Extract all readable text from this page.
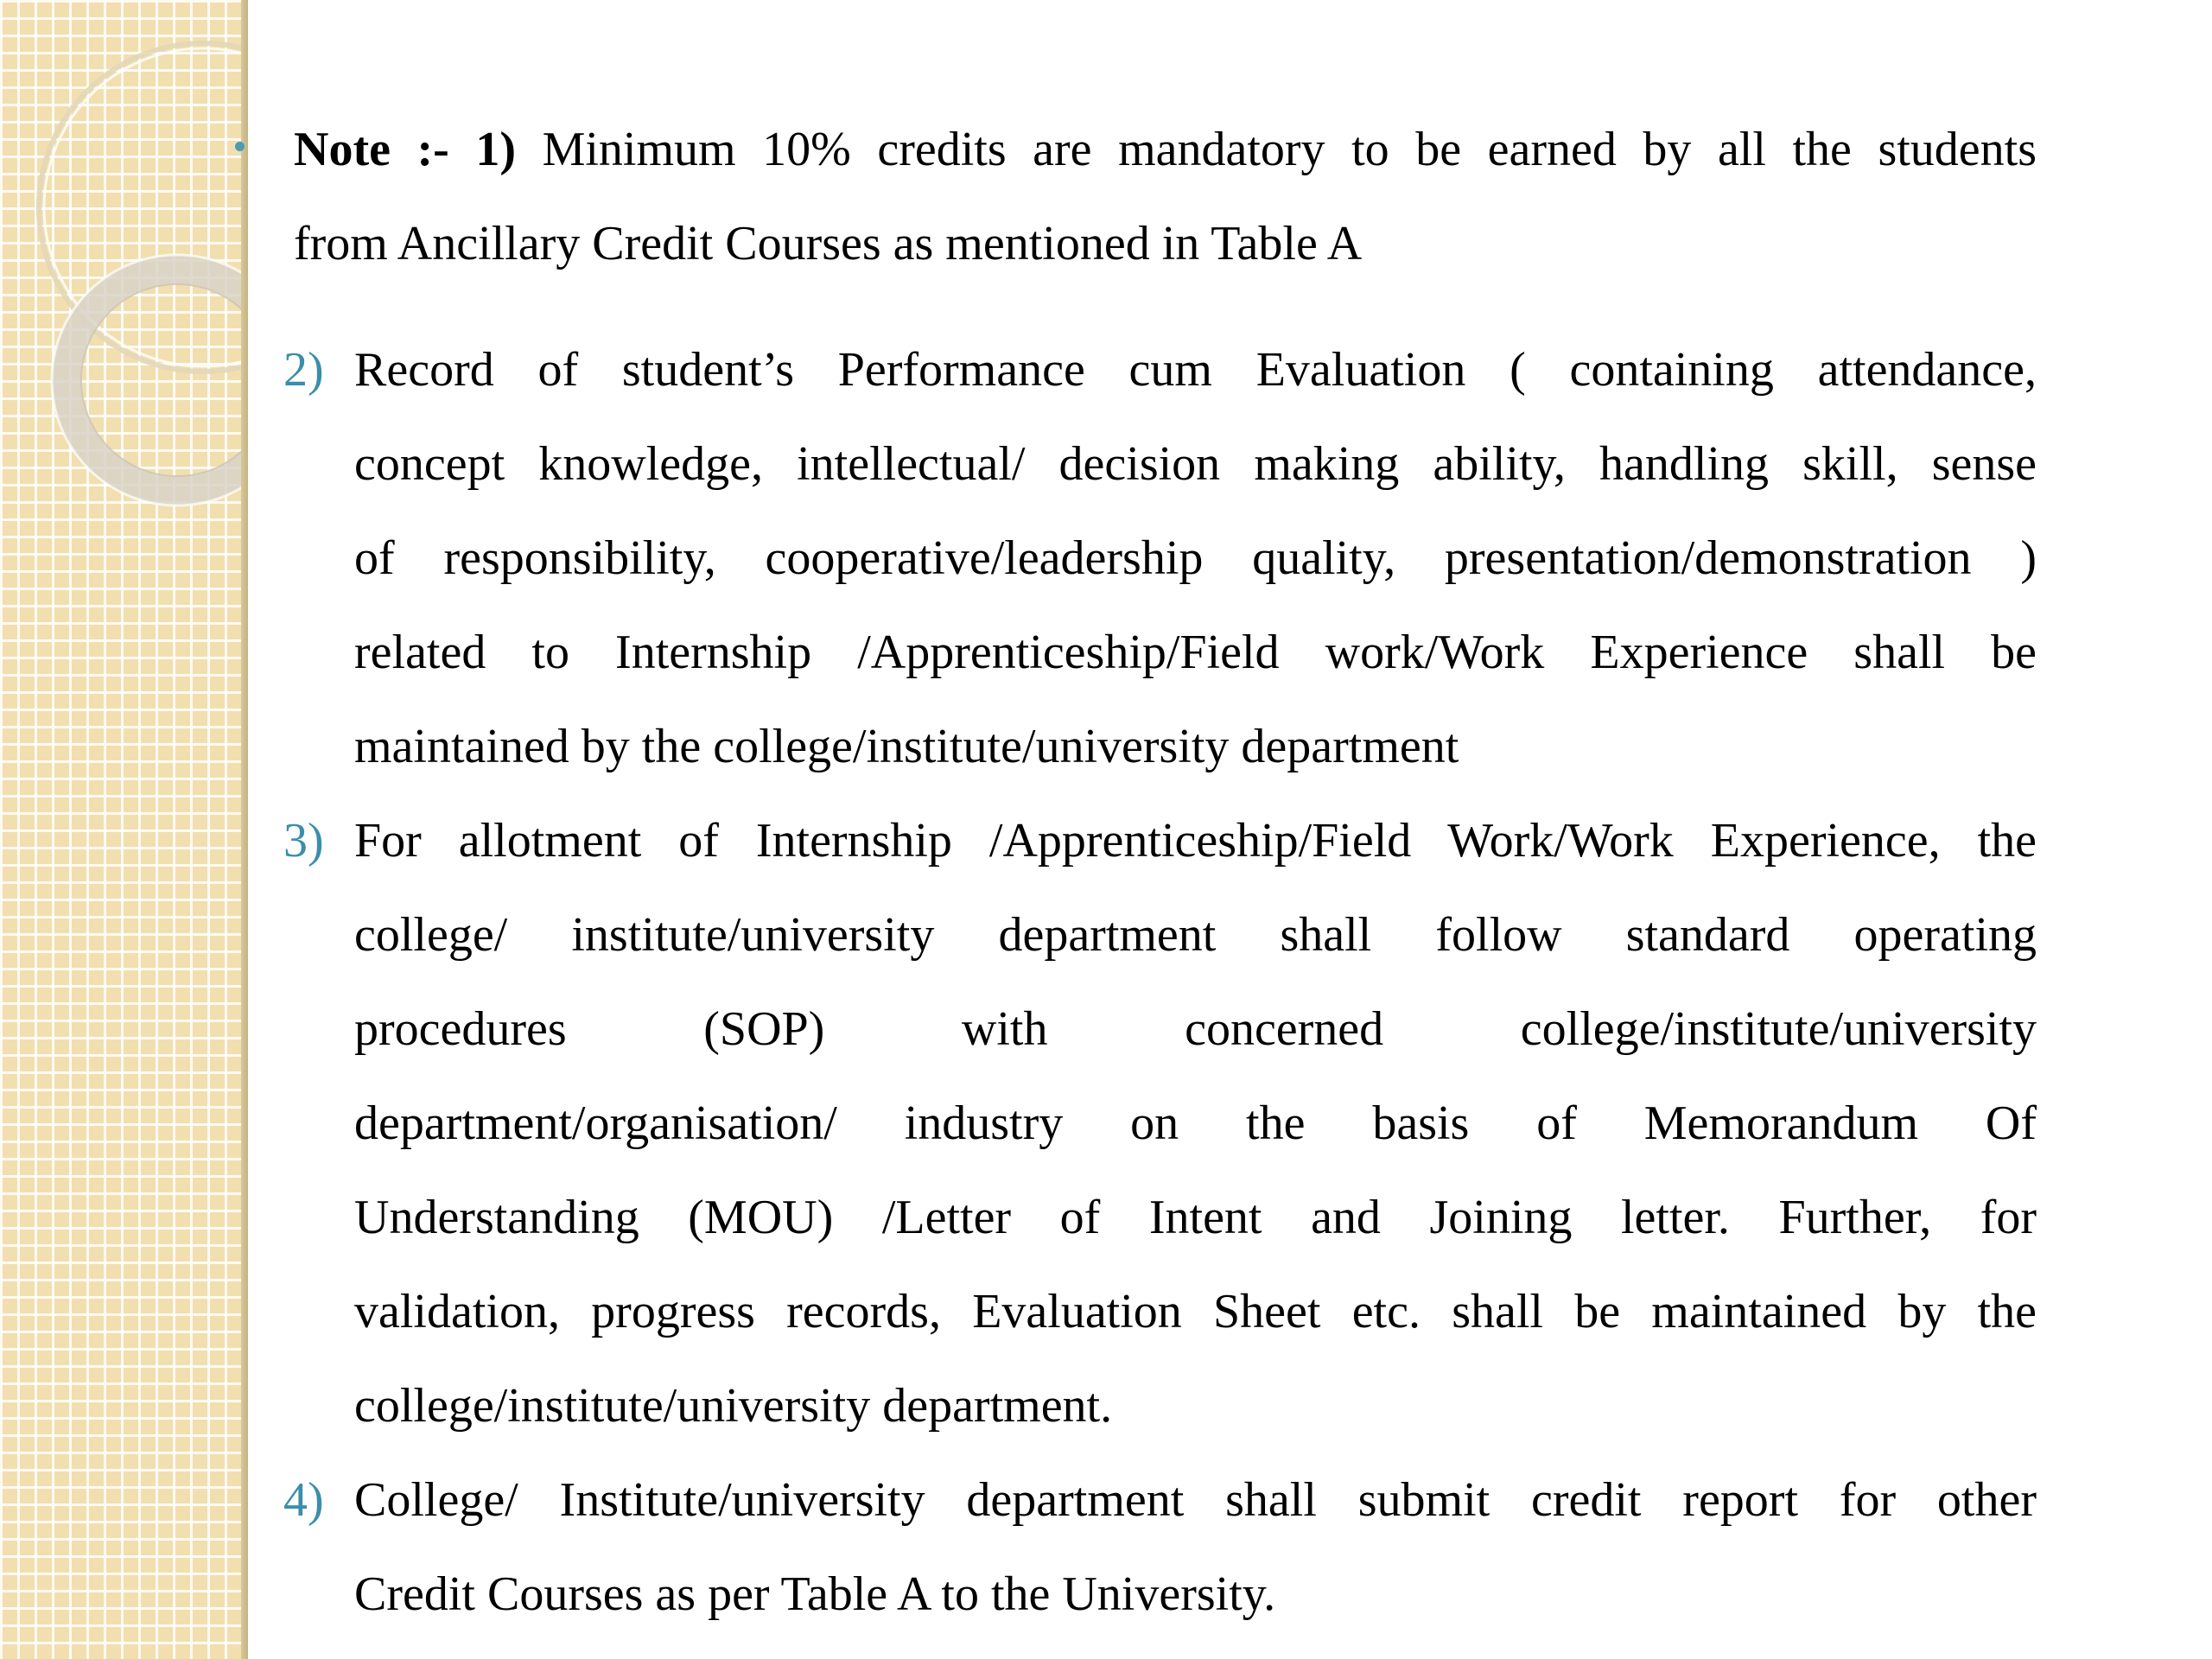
Note :- 1) Minimum 10% credits are mandatory to be earned by all the students
from Ancillary Credit Courses as mentioned in Table A
2) Record of student’s Performance cum Evaluation ( containing attendance,
concept knowledge, intellectual/ decision making ability, handling skill, sense
of responsibility, cooperative/leadership quality, presentation/demonstration )
related to Internship /Apprenticeship/Field work/Work Experience shall be
maintained by the college/institute/university department
3) For allotment of Internship /Apprenticeship/Field Work/Work Experience, the
college/ institute/university department shall follow standard operating
procedures (SOP) with concerned college/institute/university
department/organisation/ industry on the basis of Memorandum Of
Understanding (MOU) /Letter of Intent and Joining letter. Further, for
validation, progress records, Evaluation Sheet etc. shall be maintained by the
college/institute/university department.
4) College/ Institute/university department shall submit credit report for other
Credit Courses as per Table A to the University.
